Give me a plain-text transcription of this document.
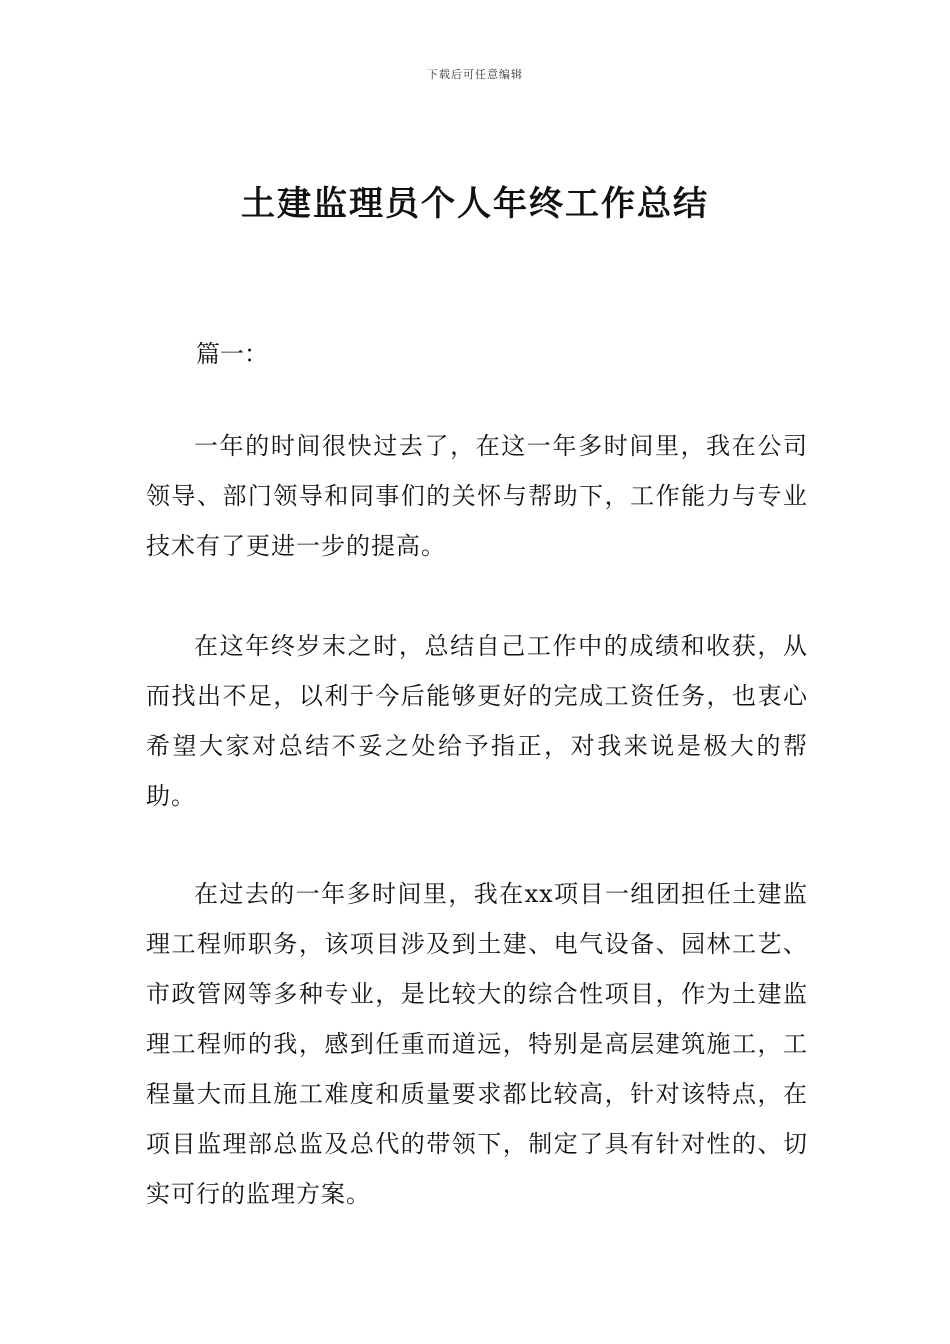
下载后可任意编辑
土建监理员个人年终工作总结

篇一：

一年的时间很快过去了，在这一年多时间里，我在公司领导、部门领导和同事们的关怀与帮助下，工作能力与专业技术有了更进一步的提高。

在这年终岁末之时，总结自己工作中的成绩和收获，从而找出不足，以利于今后能够更好的完成工资任务，也衷心希望大家对总结不妥之处给予指正，对我来说是极大的帮助。

在过去的一年多时间里，我在xx项目一组团担任土建监理工程师职务，该项目涉及到土建、电气设备、园林工艺、市政管网等多种专业，是比较大的综合性项目，作为土建监理工程师的我，感到任重而道远，特别是高层建筑施工，工程量大而且施工难度和质量要求都比较高，针对该特点，在项目监理部总监及总代的带领下，制定了具有针对性的、切实可行的监理方案。
